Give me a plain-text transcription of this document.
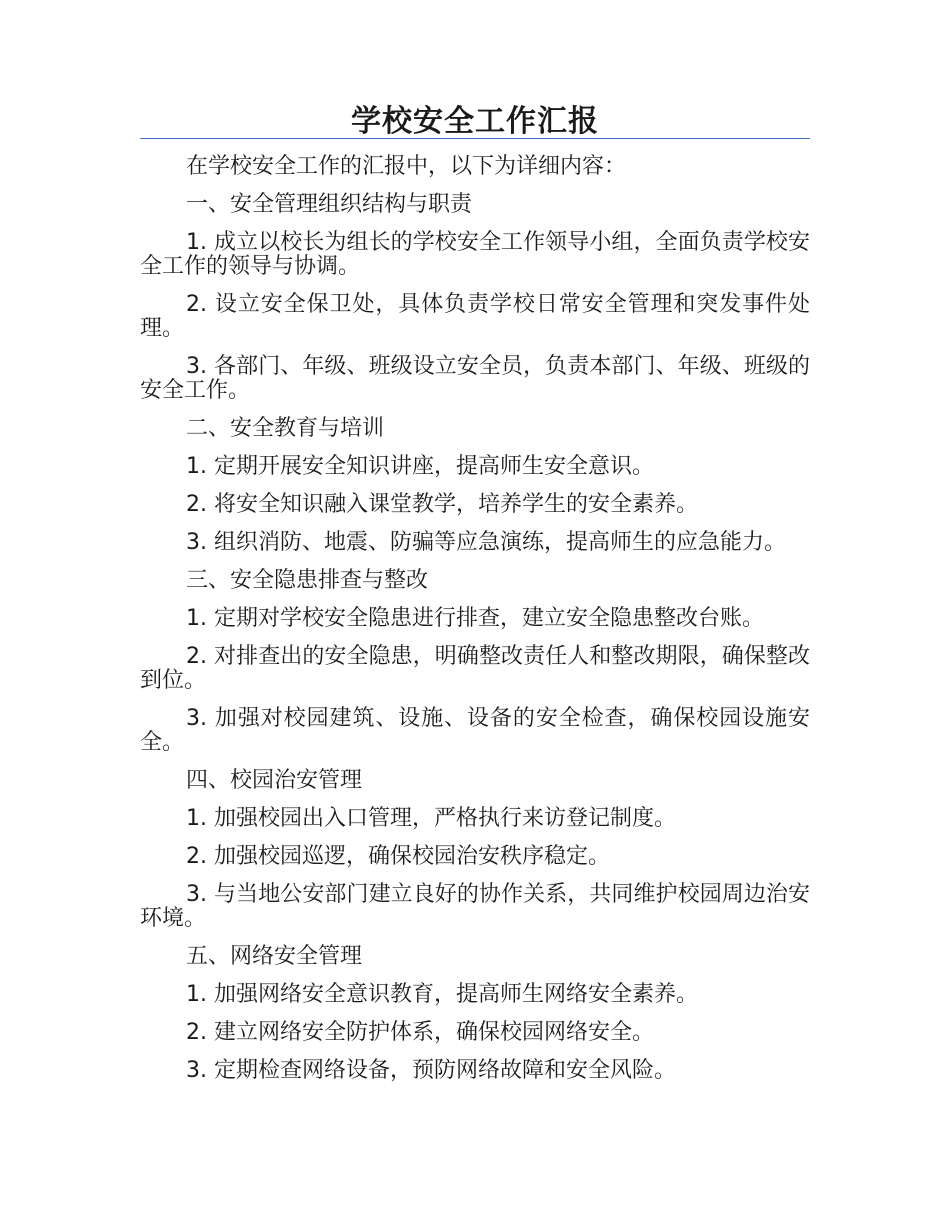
学校安全工作汇报

在学校安全工作的汇报中，以下为详细内容：

一、安全管理组织结构与职责

1. 成立以校长为组长的学校安全工作领导小组，全面负责学校安全工作的领导与协调。

2. 设立安全保卫处，具体负责学校日常安全管理和突发事件处理。

3. 各部门、年级、班级设立安全员，负责本部门、年级、班级的安全工作。

二、安全教育与培训

1. 定期开展安全知识讲座，提高师生安全意识。

2. 将安全知识融入课堂教学，培养学生的安全素养。

3. 组织消防、地震、防骗等应急演练，提高师生的应急能力。

三、安全隐患排查与整改

1. 定期对学校安全隐患进行排查，建立安全隐患整改台账。

2. 对排查出的安全隐患，明确整改责任人和整改期限，确保整改到位。

3. 加强对校园建筑、设施、设备的安全检查，确保校园设施安全。

四、校园治安管理

1. 加强校园出入口管理，严格执行来访登记制度。

2. 加强校园巡逻，确保校园治安秩序稳定。

3. 与当地公安部门建立良好的协作关系，共同维护校园周边治安环境。

五、网络安全管理

1. 加强网络安全意识教育，提高师生网络安全素养。

2. 建立网络安全防护体系，确保校园网络安全。

3. 定期检查网络设备，预防网络故障和安全风险。
